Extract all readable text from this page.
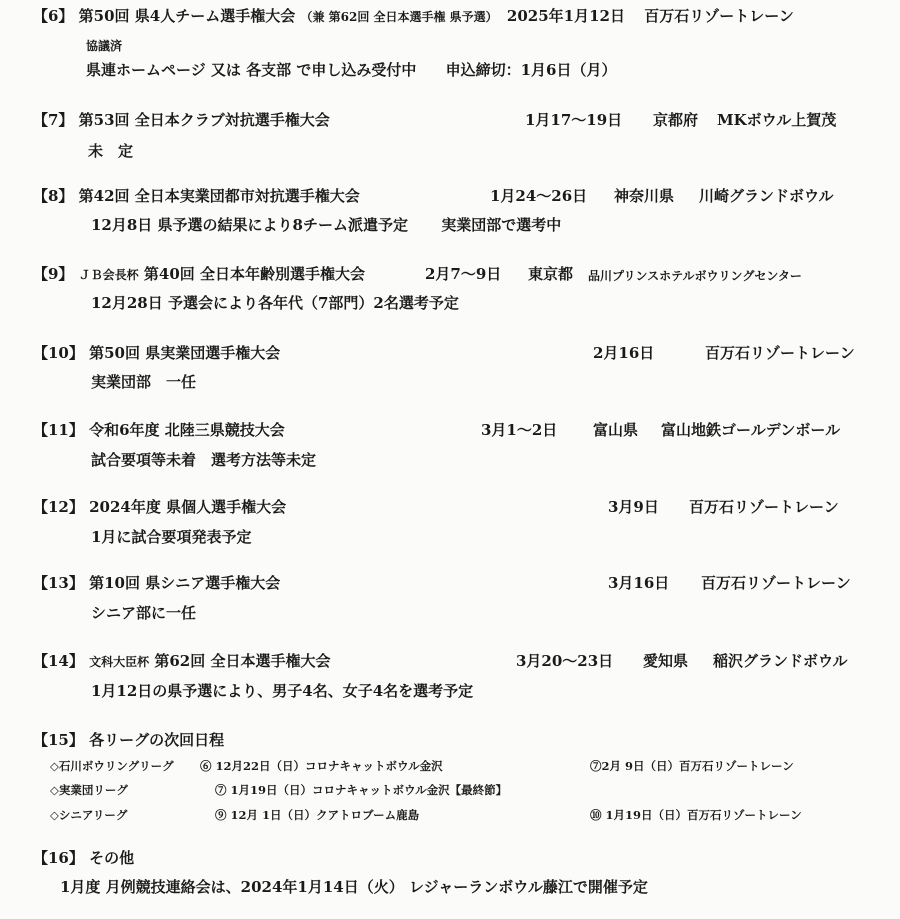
【6】 第50回 県4人チーム選手権大会 （兼 第62回 全日本選手権 県予選） 2025年1月12日 百万石リゾートレーン
協議済
県連ホームページ 又は 各支部 で申し込み受付中 申込締切：1月6日（月）
【7】 第53回 全日本クラブ対抗選手権大会	1月17〜19日 京都府 MKボウル上賀茂
未　定
【8】 第42回 全日本実業団都市対抗選手権大会	1月24〜26日 神奈川県 川崎グランドボウル
12月8日 県予選の結果により8チーム派遣予定 実業団部で選考中
【9】 ＪＢ会長杯 第40回 全日本年齢別選手権大会	2月7〜9日 東京都 品川プリンスホテルボウリングセンター
12月28日 予選会により各年代（7部門）2名選考予定
【10】 第50回 県実業団選手権大会	2月16日	百万石リゾートレーン
実業団部　一任
【11】 令和6年度 北陸三県競技大会	3月1〜2日 富山県 富山地鉄ゴールデンボール
試合要項等未着　選考方法等未定
【12】 2024年度 県個人選手権大会	3月9日 百万石リゾートレーン
1月に試合要項発表予定
【13】 第10回 県シニア選手権大会	3月16日 百万石リゾートレーン
シニア部に一任
【14】 文科大臣杯 第62回 全日本選手権大会	3月20〜23日 愛知県 稲沢グランドボウル
1月12日の県予選により、男子4名、女子4名を選考予定
【15】 各リーグの次回日程
◇石川ボウリングリーグ ⑥ 12月22日（日）コロナキャットボウル金沢	⑦2月 9日（日）百万石リゾートレーン
◇実業団リーグ	⑦ 1月19日（日）コロナキャットボウル金沢【最終節】
◇シニアリーグ	⑨ 12月 1日（日）クアトロブーム鹿島	⑩ 1月19日（日）百万石リゾートレーン
【16】 その他
1月度 月例競技連絡会は、2024年1月14日（火） レジャーランボウル藤江で開催予定
